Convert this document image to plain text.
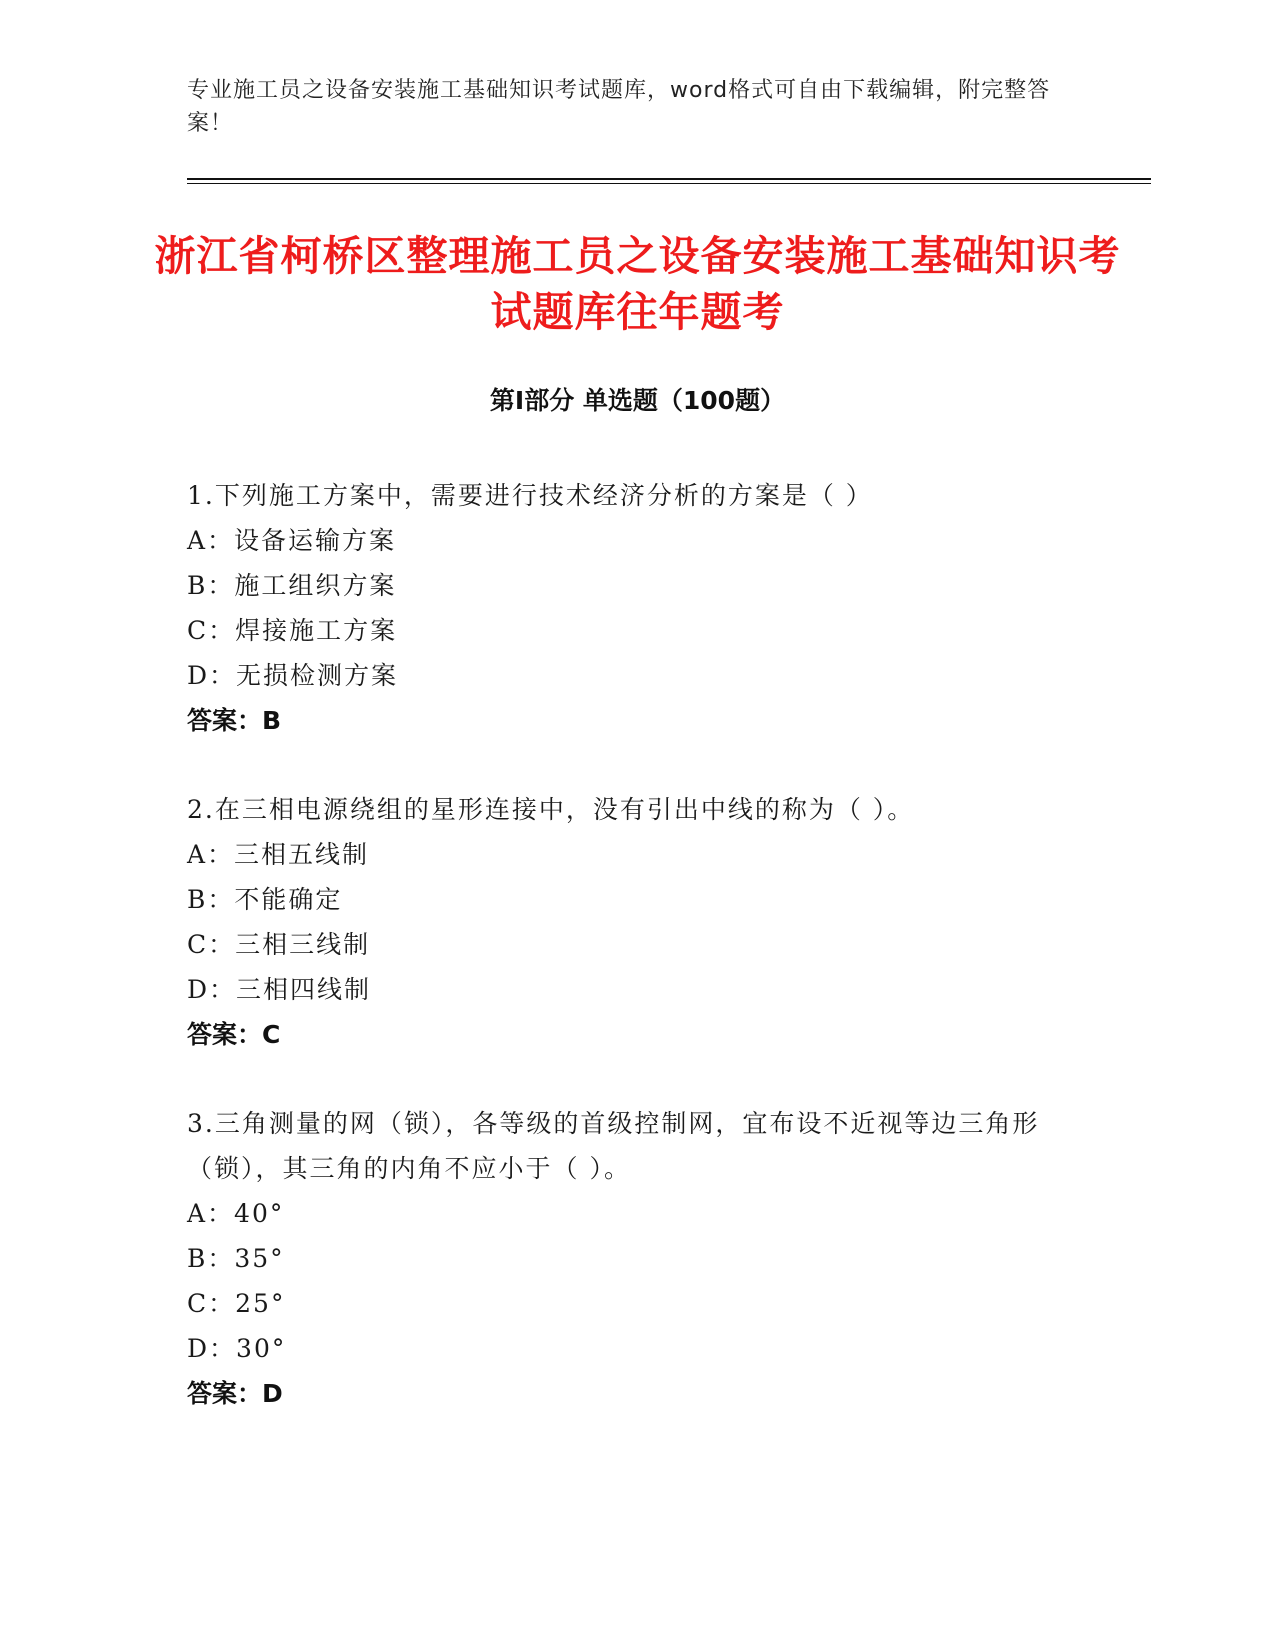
专业施工员之设备安装施工基础知识考试题库，word格式可自由下载编辑，附完整答案！
浙江省柯桥区整理施工员之设备安装施工基础知识考试题库往年题考
第Ⅰ部分 单选题（100题）
1.下列施工方案中，需要进行技术经济分析的方案是（ ）
A：设备运输方案
B：施工组织方案
C：焊接施工方案
D：无损检测方案
答案：B
2.在三相电源绕组的星形连接中，没有引出中线的称为（ ）。
A：三相五线制
B：不能确定
C：三相三线制
D：三相四线制
答案：C
3.三角测量的网（锁），各等级的首级控制网，宜布设不近视等边三角形（锁），其三角的内角不应小于（ ）。
A：40°
B：35°
C：25°
D：30°
答案：D
